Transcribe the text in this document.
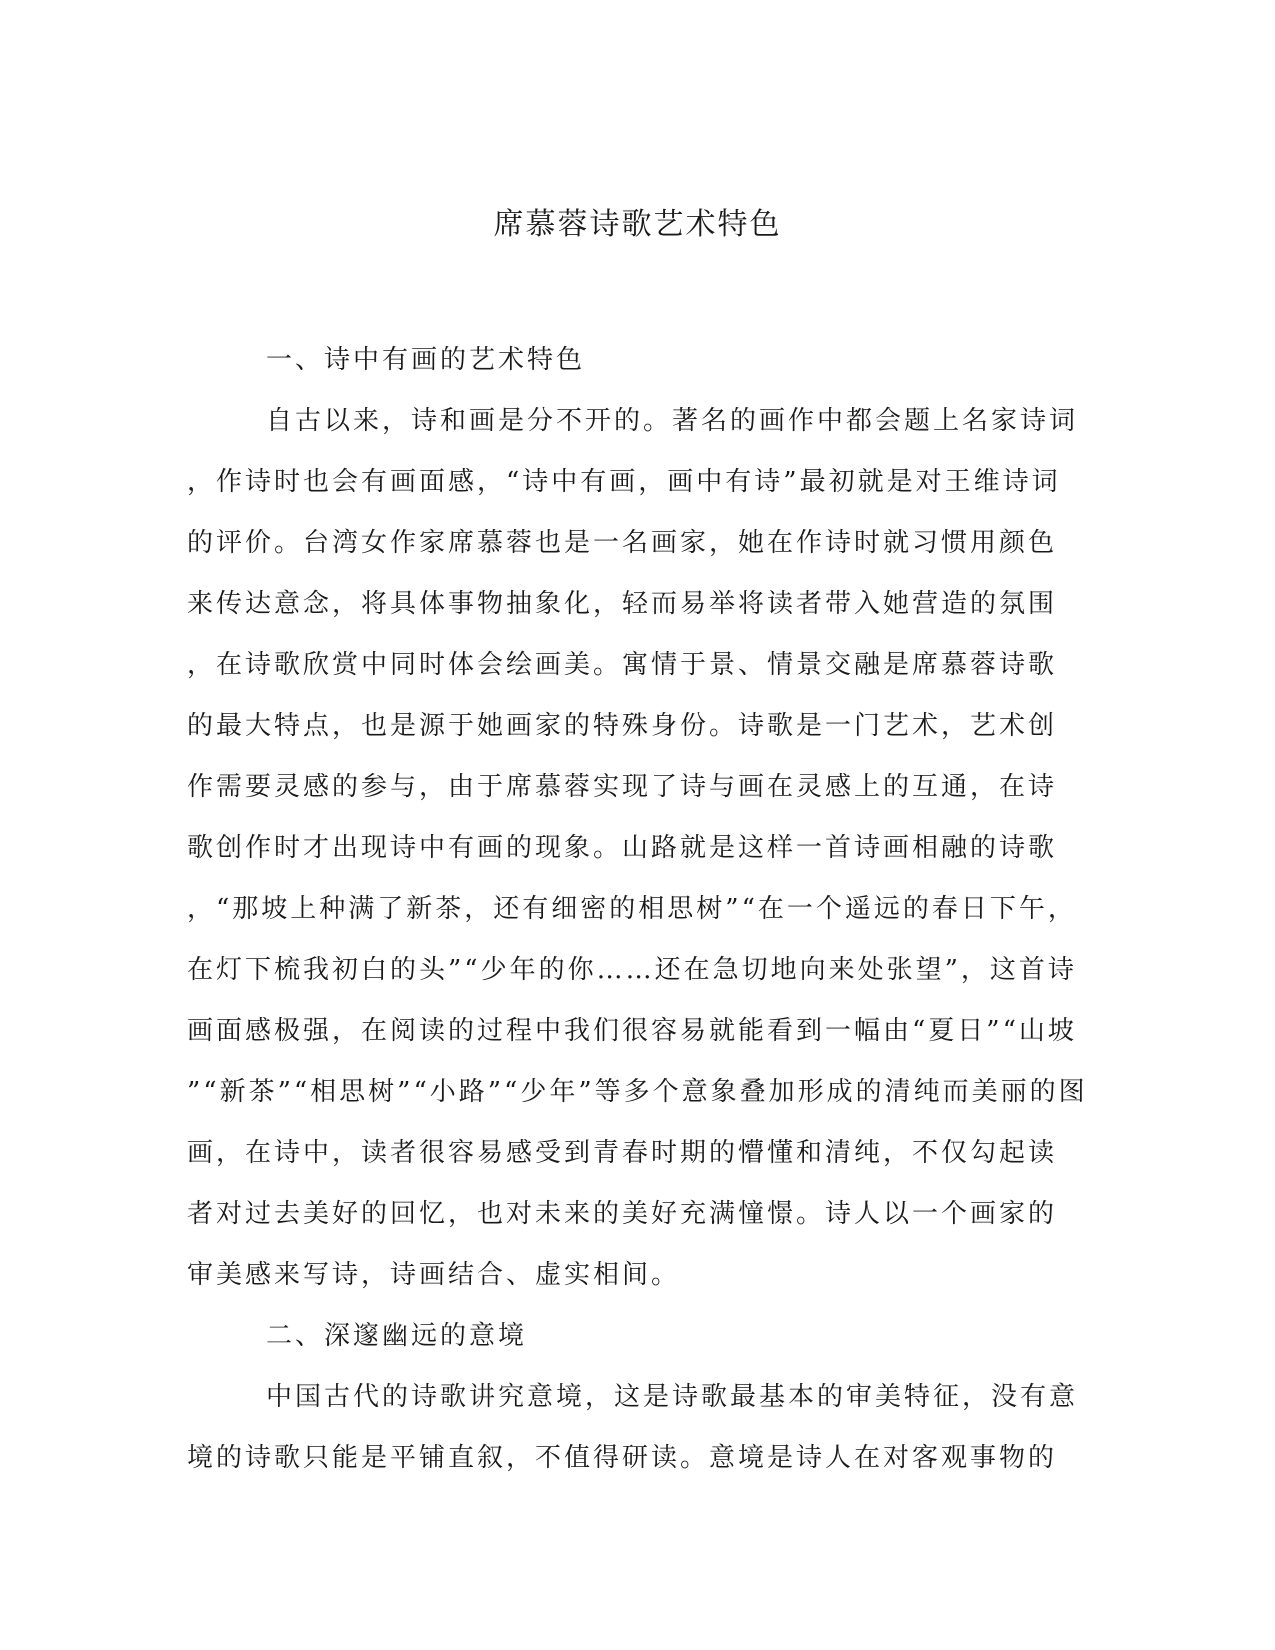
席慕蓉诗歌艺术特色
一、诗中有画的艺术特色
自古以来，诗和画是分不开的。著名的画作中都会题上名家诗词
，作诗时也会有画面感，“诗中有画，画中有诗”最初就是对王维诗词
的评价。台湾女作家席慕蓉也是一名画家，她在作诗时就习惯用颜色
来传达意念，将具体事物抽象化，轻而易举将读者带入她营造的氛围
，在诗歌欣赏中同时体会绘画美。寓情于景、情景交融是席慕蓉诗歌
的最大特点，也是源于她画家的特殊身份。诗歌是一门艺术，艺术创
作需要灵感的参与，由于席慕蓉实现了诗与画在灵感上的互通，在诗
歌创作时才出现诗中有画的现象。山路就是这样一首诗画相融的诗歌
，“那坡上种满了新茶，还有细密的相思树”“在一个遥远的春日下午，
在灯下梳我初白的头”“少年的你……还在急切地向来处张望”，这首诗
画面感极强，在阅读的过程中我们很容易就能看到一幅由“夏日”“山坡
”“新茶”“相思树”“小路”“少年”等多个意象叠加形成的清纯而美丽的图
画，在诗中，读者很容易感受到青春时期的懵懂和清纯，不仅勾起读
者对过去美好的回忆，也对未来的美好充满憧憬。诗人以一个画家的
审美感来写诗，诗画结合、虚实相间。
二、深邃幽远的意境
中国古代的诗歌讲究意境，这是诗歌最基本的审美特征，没有意
境的诗歌只能是平铺直叙，不值得研读。意境是诗人在对客观事物的
